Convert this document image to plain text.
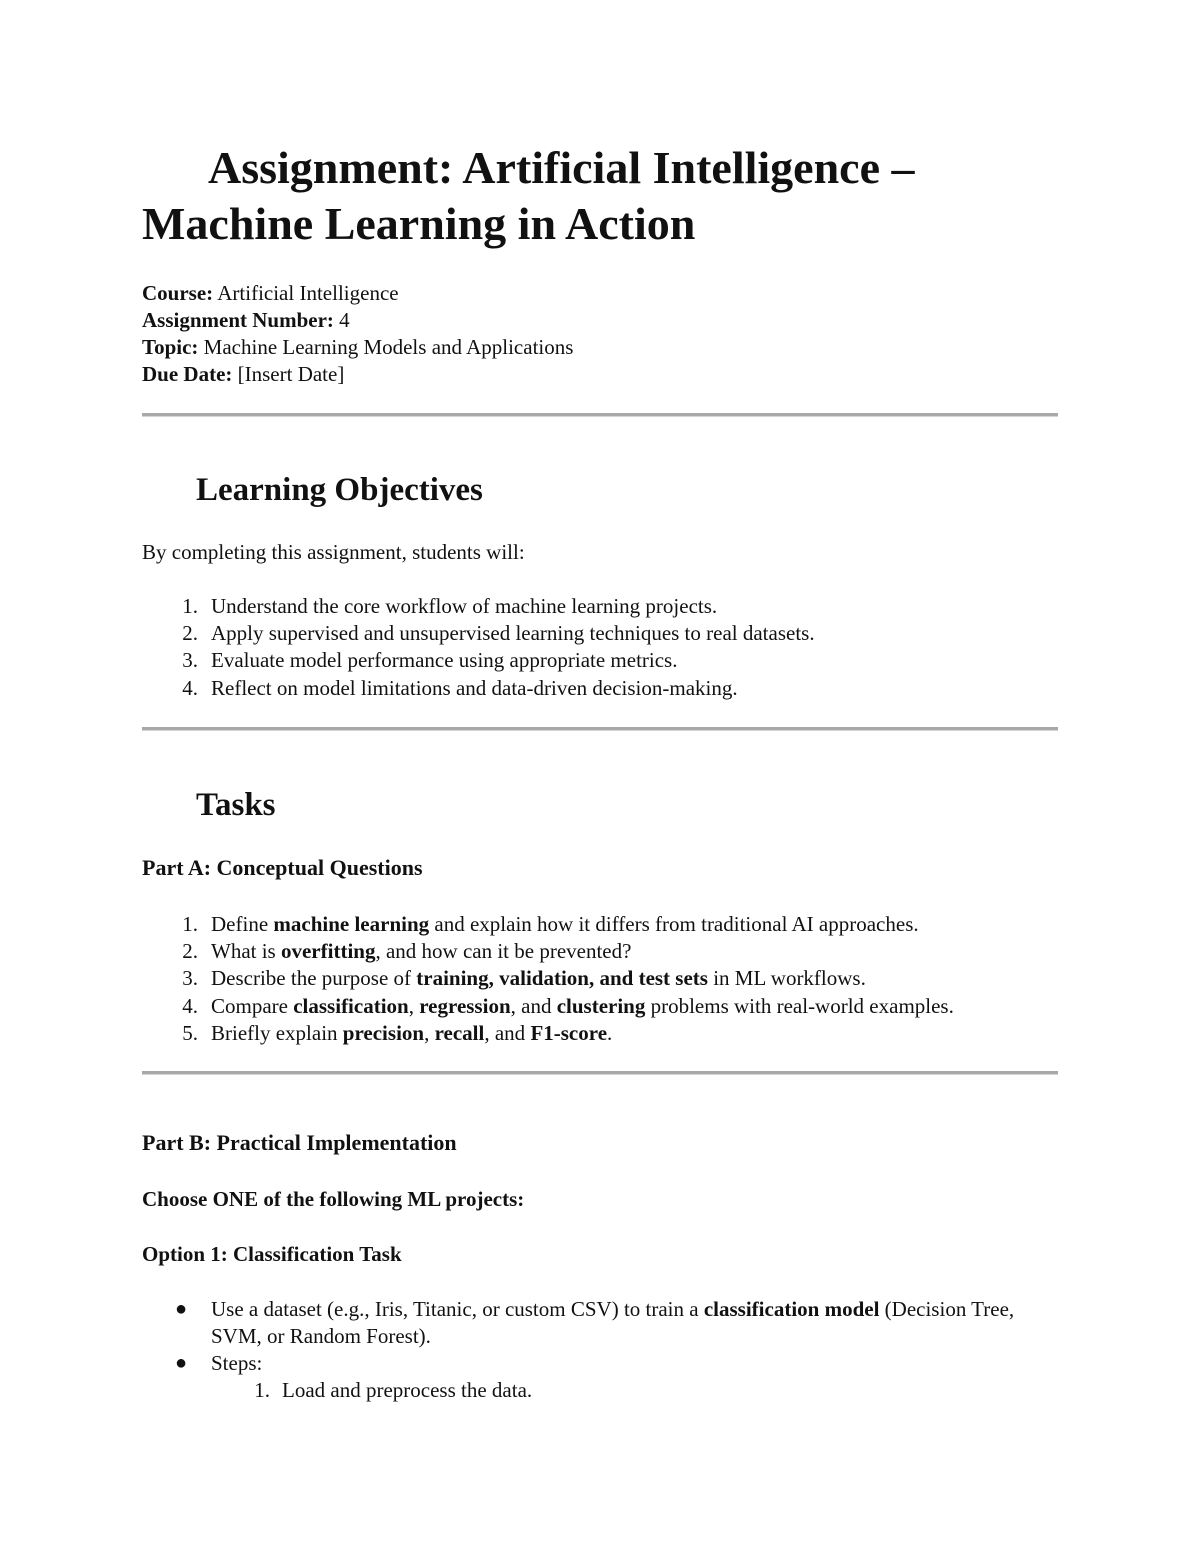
Assignment: Artificial Intelligence – Machine Learning in Action
Course: Artificial Intelligence
Assignment Number: 4
Topic: Machine Learning Models and Applications
Due Date: [Insert Date]
Learning Objectives

By completing this assignment, students will:

1. Understand the core workflow of machine learning projects.
2. Apply supervised and unsupervised learning techniques to real datasets.
3. Evaluate model performance using appropriate metrics.
4. Reflect on model limitations and data-driven decision-making.
Tasks
Part A: Conceptual Questions
1. Define machine learning and explain how it differs from traditional AI approaches.
2. What is overfitting, and how can it be prevented?
3. Describe the purpose of training, validation, and test sets in ML workflows.
4. Compare classification, regression, and clustering problems with real-world examples.
5. Briefly explain precision, recall, and F1-score.
Part B: Practical Implementation

Choose ONE of the following ML projects:

Option 1: Classification Task

● Use a dataset (e.g., Iris, Titanic, or custom CSV) to train a classification model (Decision Tree, SVM, or Random Forest).
● Steps:
1. Load and preprocess the data.
